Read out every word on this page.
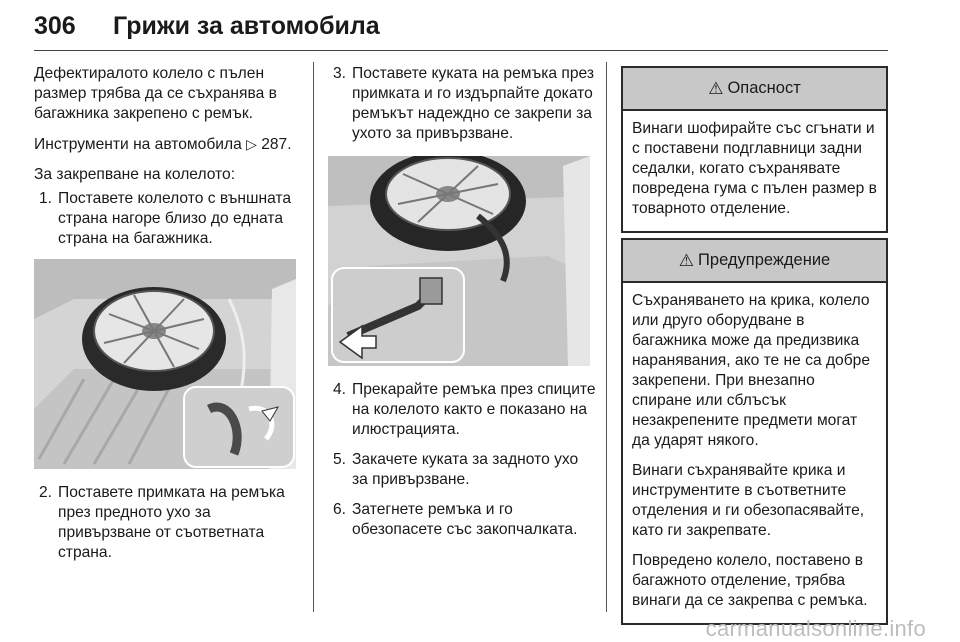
306 Грижи за автомобила

Дефектиралото колело с пълен размер трябва да се съхранява в багажника закрепено с ремък.

Инструменти на автомобила ▷ 287.

За закрепване на колелото:

1. Поставете колелото с външната страна нагоре близо до едната страна на багажника.
2. Поставете примката на ремъка през предното ухо за привързване от съответната страна.
3. Поставете куката на ремъка през примката и го издърпайте докато ремъкът надеждно се закрепи за ухото за привързване.
4. Прекарайте ремъка през спиците на колелото както е показано на илюстрацията.
5. Закачете куката за задното ухо за привързване.
6. Затегнете ремъка и го обезопасете със закопчалката.
⚠ Опасност

Винаги шофирайте със сгънати и с поставени подглавници задни седалки, когато съхранявате повредена гума с пълен размер в товарното отделение.

⚠ Предупреждение

Съхраняването на крика, колело или друго оборудване в багажника може да предизвика наранявания, ако те не са добре закрепени. При внезапно спиране или сблъсък незакрепените предмети могат да ударят някого.

Винаги съхранявайте крика и инструментите в съответните отделения и ги обезопасявайте, като ги закрепвате.

Повредено колело, поставено в багажното отделение, трябва винаги да се закрепва с ремъка.

carmanualsonline.info
